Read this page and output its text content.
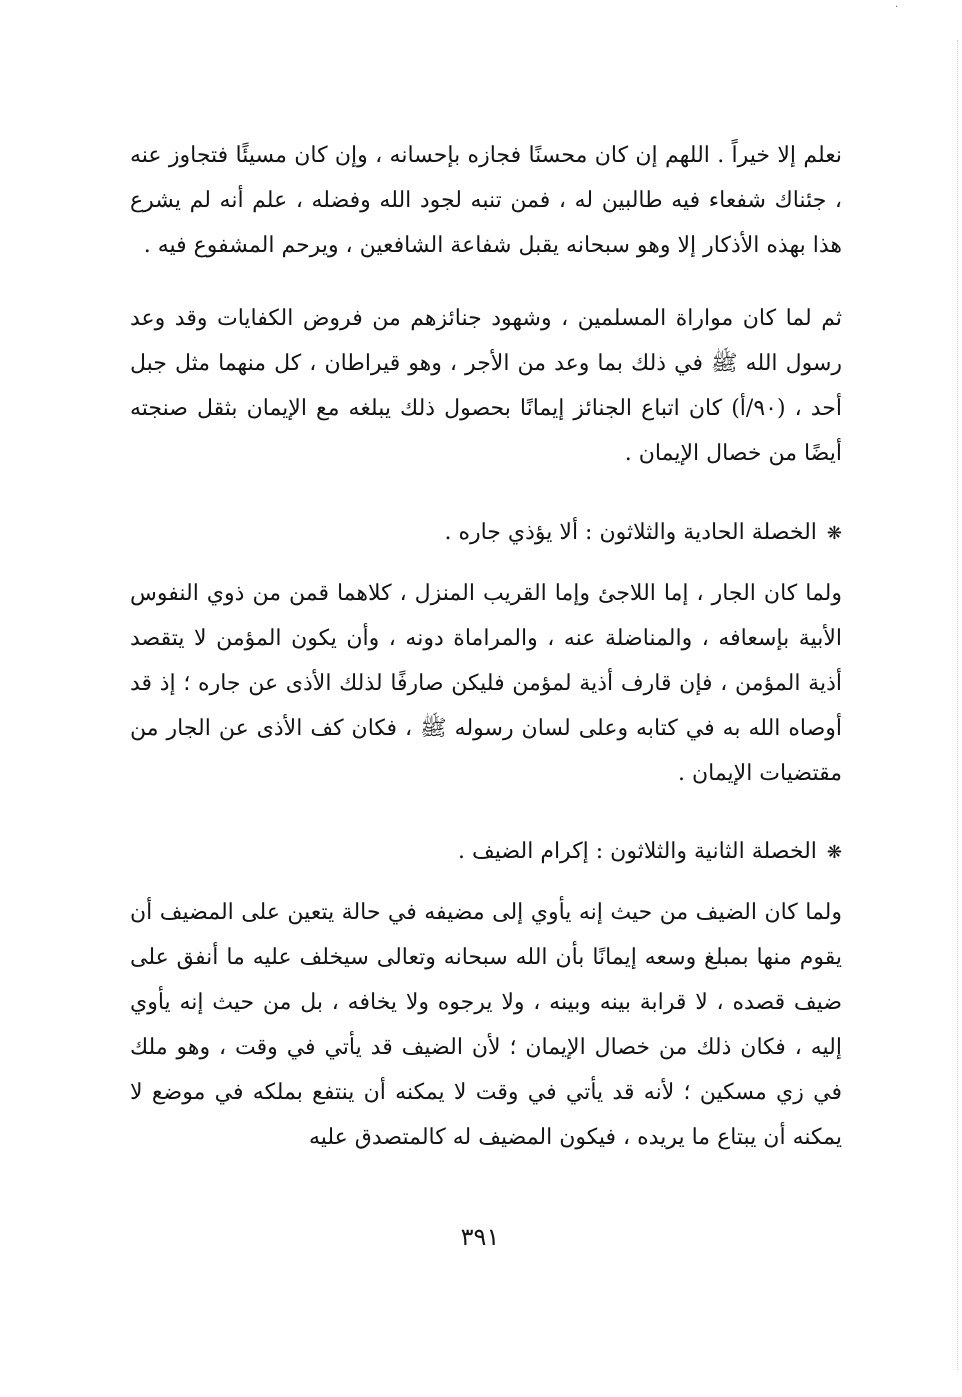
.

نعلم إلا خيراً . اللهم إن كان محسنًا فجازه بإحسانه ، وإن كان مسيئًا فتجاوز عنه ، جئناك شفعاء فيه طالبين له ، فمن تنبه لجود الله وفضله ، علم أنه لم يشرع هذا بهذه الأذكار إلا وهو سبحانه يقبل شفاعة الشافعين ، ويرحم المشفوع فيه .

ثم لما كان مواراة المسلمين ، وشهود جنائزهم من فروض الكفايات وقد وعد رسول الله ﷺ في ذلك بما وعد من الأجر ، وهو قيراطان ، كل منهما مثل جبل أحد ، (٩٠/أ) كان اتباع الجنائز إيمانًا بحصول ذلك يبلغه مع الإيمان بثقل صنجته أيضًا من خصال الإيمان .

❋الخصلة الحادية والثلاثون : ألا يؤذي جاره .

ولما كان الجار ، إما اللاجئ وإما القريب المنزل ، كلاهما قمن من ذوي النفوس الأبية بإسعافه ، والمناضلة عنه ، والمراماة دونه ، وأن يكون المؤمن لا يتقصد أذية المؤمن ، فإن قارف أذية لمؤمن فليكن صارفًا لذلك الأذى عن جاره ؛ إذ قد أوصاه الله به في كتابه وعلى لسان رسوله ﷺ ، فكان كف الأذى عن الجار من مقتضيات الإيمان .

❋الخصلة الثانية والثلاثون : إكرام الضيف .

ولما كان الضيف من حيث إنه يأوي إلى مضيفه في حالة يتعين على المضيف أن يقوم منها بمبلغ وسعه إيمانًا بأن الله سبحانه وتعالى سيخلف عليه ما أنفق على ضيف قصده ، لا قرابة بينه وبينه ، ولا يرجوه ولا يخافه ، بل من حيث إنه يأوي إليه ، فكان ذلك من خصال الإيمان ؛ لأن الضيف قد يأتي في وقت ، وهو ملك في زي مسكين ؛ لأنه قد يأتي في وقت لا يمكنه أن ينتفع بملكه في موضع لا يمكنه أن يبتاع ما يريده ، فيكون المضيف له كالمتصدق عليه

٣٩١
